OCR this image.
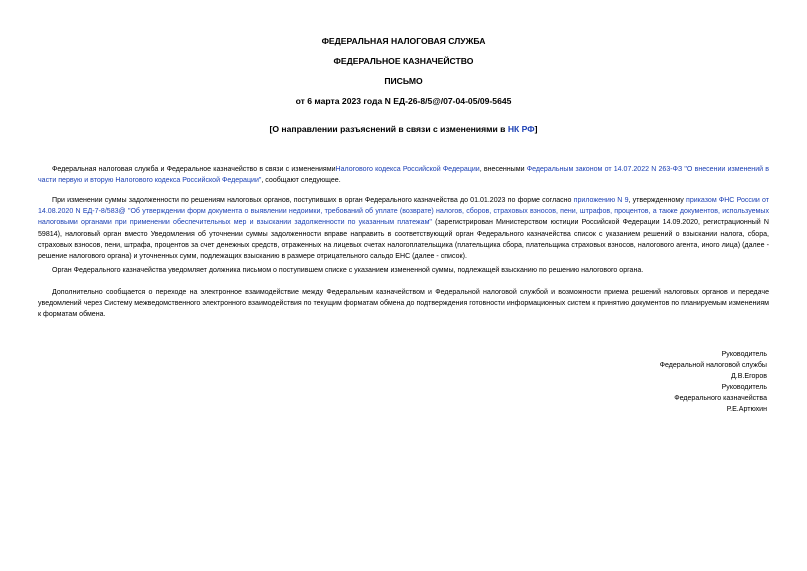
ФЕДЕРАЛЬНАЯ НАЛОГОВАЯ СЛУЖБА
ФЕДЕРАЛЬНОЕ КАЗНАЧЕЙСТВО
ПИСЬМО
от 6 марта 2023 года N ЕД-26-8/5@/07-04-05/09-5645
[О направлении разъяснений в связи с изменениями в НК РФ]

Федеральная налоговая служба и Федеральное казначейство в связи с изменениямиНалогового кодекса Российской Федерации, внесенными Федеральным законом от 14.07.2022 N 263-ФЗ "О внесении изменений в части первую и вторую Налогового кодекса Российской Федерации", сообщают следующее.

При изменении суммы задолженности по решениям налоговых органов, поступивших в орган Федерального казначейства до 01.01.2023 по форме согласно приложению N 9, утвержденному приказом ФНС России от 14.08.2020 N ЕД-7-8/583@ "Об утверждении форм документа о выявлении недоимки, требований об уплате (возврате) налогов, сборов, страховых взносов, пени, штрафов, процентов, а также документов, используемых налоговыми органами при применении обеспечительных мер и взыскании задолженности по указанным платежам" (зарегистрирован Министерством юстиции Российской Федерации 14.09.2020, регистрационный N 59814), налоговый орган вместо Уведомления об уточнении суммы задолженности вправе направить в соответствующий орган Федерального казначейства список с указанием решений о взыскании налога, сбора, страховых взносов, пени, штрафа, процентов за счет денежных средств, отраженных на лицевых счетах налогоплательщика (плательщика сбора, плательщика страховых взносов, налогового агента, иного лица) (далее - решение налогового органа) и уточненных сумм, подлежащих взысканию в размере отрицательного сальдо ЕНС (далее - список).

Орган Федерального казначейства уведомляет должника письмом о поступившем списке с указанием измененной суммы, подлежащей взысканию по решению налогового органа.

Дополнительно сообщается о переходе на электронное взаимодействие между Федеральным казначейством и Федеральной налоговой службой и возможности приема решений налоговых органов и передаче уведомлений через Систему межведомственного электронного взаимодействия по текущим форматам обмена до подтверждения готовности информационных систем к принятию документов по планируемым изменениям к форматам обмена.

Руководитель
Федеральной налоговой службы
Д.В.Егоров
Руководитель
Федерального казначейства
Р.Е.Артюхин
